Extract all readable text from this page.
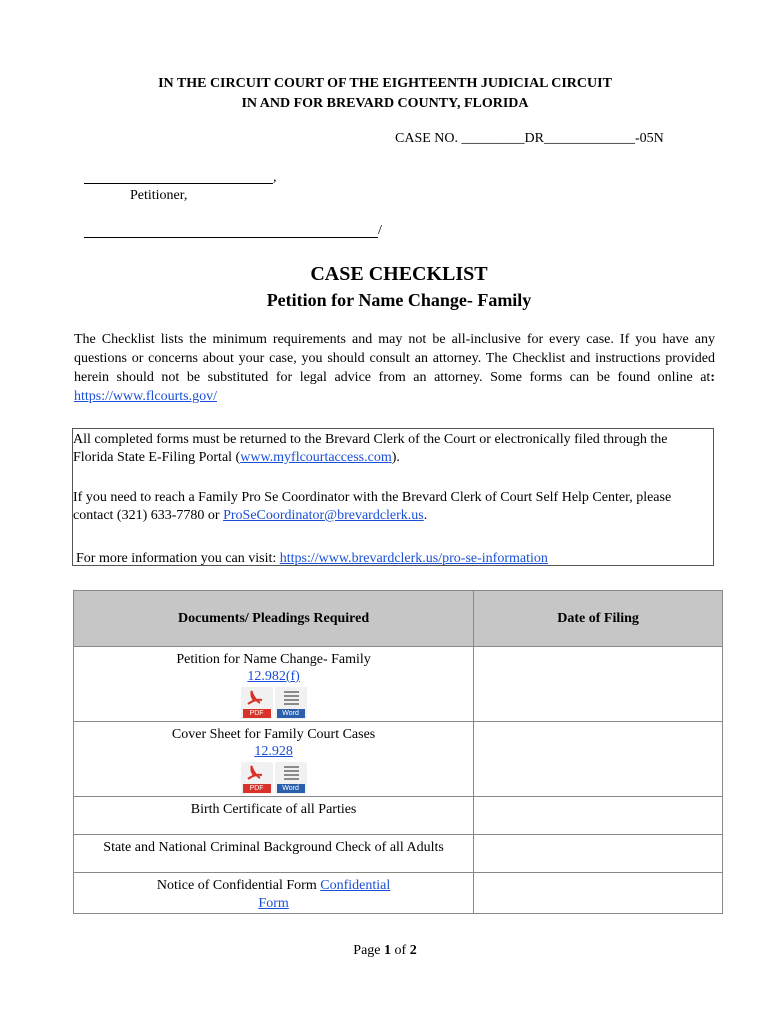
IN THE CIRCUIT COURT OF THE EIGHTEENTH JUDICIAL CIRCUIT
IN AND FOR BREVARD COUNTY, FLORIDA
CASE NO. _________DR_____________-05N
,
Petitioner,
/
CASE CHECKLIST
Petition for Name Change- Family
The Checklist lists the minimum requirements and may not be all-inclusive for every case. If you have any questions or concerns about your case, you should consult an attorney. The Checklist and instructions provided herein should not be substituted for legal advice from an attorney. Some forms can be found online at: https://www.flcourts.gov/

All completed forms must be returned to the Brevard Clerk of the Court or electronically filed through the Florida State E-Filing Portal (www.myflcourtaccess.com).

If you need to reach a Family Pro Se Coordinator with the Brevard Clerk of Court Self Help Center, please contact (321) 633-7780 or ProSeCoordinator@brevardclerk.us.

For more information you can visit: https://www.brevardclerk.us/pro-se-information

Documents/ Pleadings Required	Date of Filing

Petition for Name Change- Family
12.982(f)
PDF Word	

Cover Sheet for Family Court Cases
12.928
PDF Word	

Birth Certificate of all Parties	

State and National Criminal Background Check of all Adults	

Notice of Confidential Form Confidential
Form	

Page 1 of 2
